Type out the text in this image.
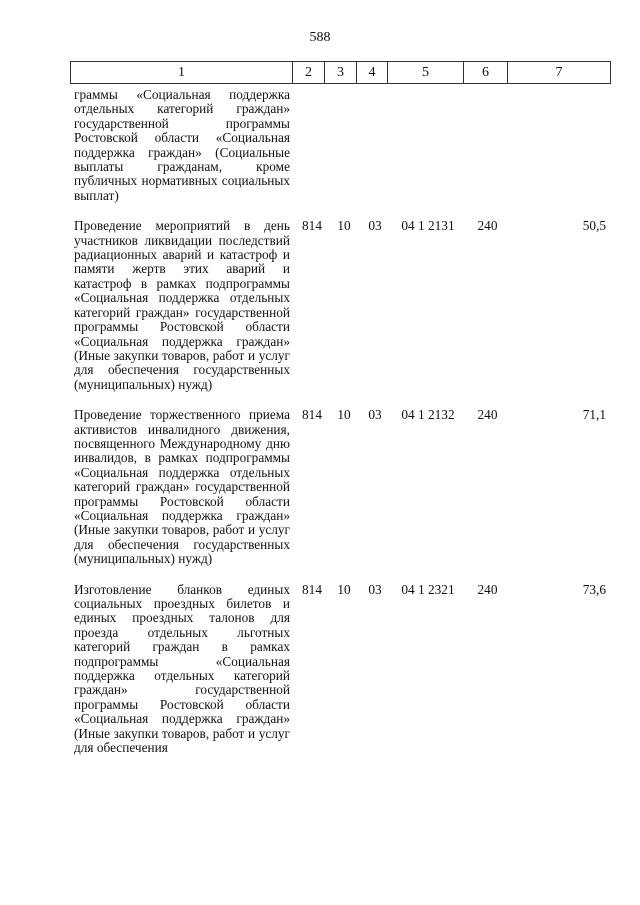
588
1	2	3	4	5	6	7
граммы «Социальная поддержка отдельных категорий граждан» государственной программы Ростовской области «Социальная поддержка граждан» (Социальные выплаты гражданам, кроме публичных нормативных социальных выплат)
Проведение мероприятий в день участников ликвидации последствий радиационных аварий и катастроф и памяти жертв этих аварий и катастроф в рамках подпрограммы «Социальная поддержка отдельных категорий граждан» государственной программы Ростовской области «Социальная поддержка граждан» (Иные закупки товаров, работ и услуг для обеспечения государственных (муниципальных) нужд)
814	10	03	04 1 2131	240	50,5
Проведение торжественного приема активистов инвалидного движения, посвященного Международному дню инвалидов, в рамках подпрограммы «Социальная поддержка отдельных категорий граждан» государственной программы Ростовской области «Социальная поддержка граждан» (Иные закупки товаров, работ и услуг для обеспечения государственных (муниципальных) нужд)
814	10	03	04 1 2132	240	71,1
Изготовление бланков единых социальных проездных билетов и единых проездных талонов для проезда отдельных льготных категорий граждан в рамках подпрограммы «Социальная поддержка отдельных категорий граждан» государственной программы Ростовской области «Социальная поддержка граждан» (Иные закупки товаров, работ и услуг для обеспечения
814	10	03	04 1 2321	240	73,6
